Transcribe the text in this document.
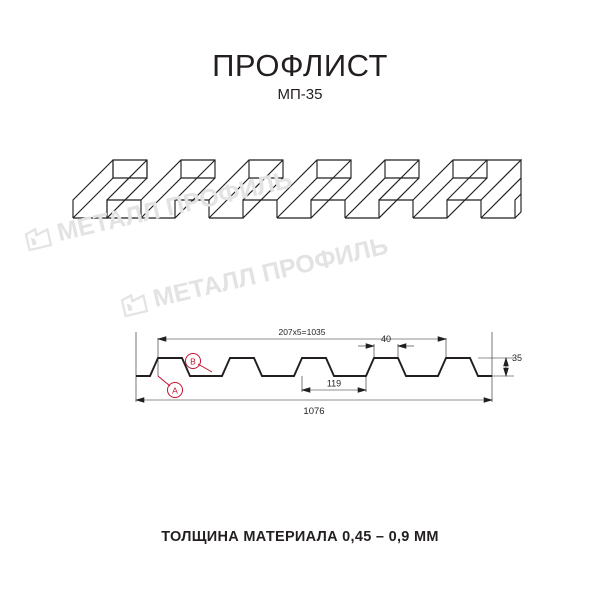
ПРОФЛИСТ
МП-35
МЕТАЛЛ ПРОФИЛЬ
МЕТАЛЛ ПРОФИЛЬ
207х5=1035
40
119
1076
35
А
В
ТОЛЩИНА МАТЕРИАЛА 0,45 – 0,9 ММ
